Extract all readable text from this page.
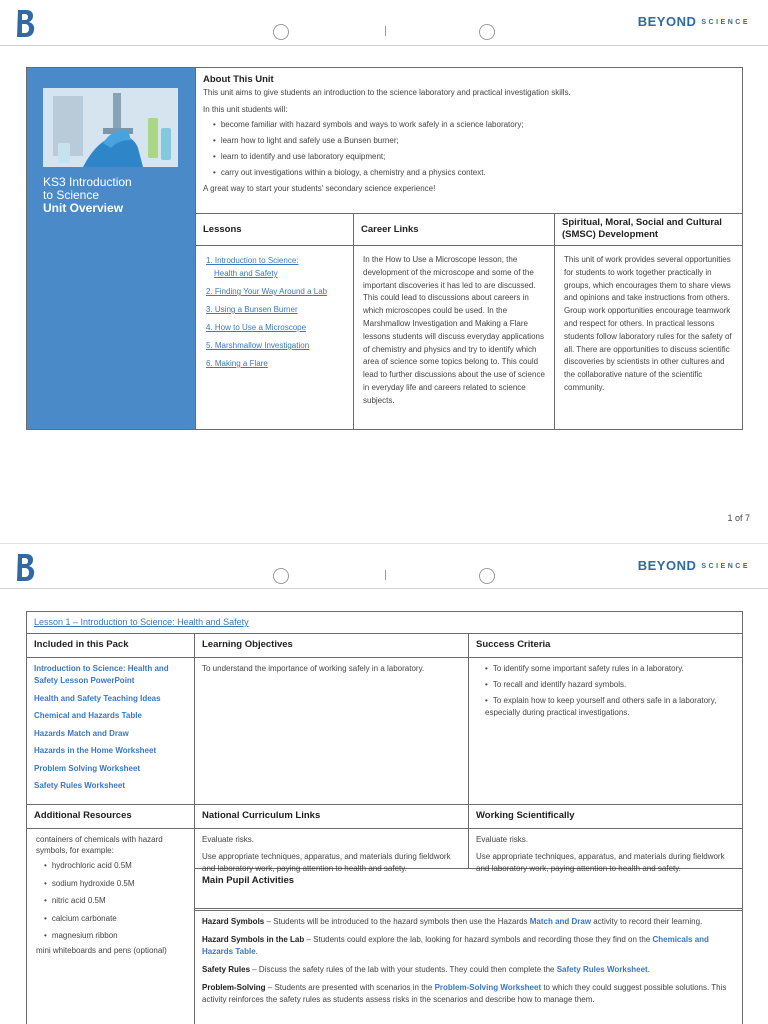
BEYOND SCIENCE
KS3 Introduction
to Science
Unit Overview
About This Unit

This unit aims to give students an introduction to the science laboratory and practical investigation skills.

In this unit students will:

• become familiar with hazard symbols and ways to work safely in a science laboratory;
• learn how to light and safely use a Bunsen burner;
• learn to identify and use laboratory equipment;
• carry out investigations within a biology, a chemistry and a physics context.

A great way to start your students' secondary science experience!

Lessons	Career Links
Spiritual, Moral, Social and Cultural (SMSC) Development
1. Introduction to Science:
Health and Safety
2. Finding Your Way Around a Lab
3. Using a Bunsen Burner
4. How to Use a Microscope
5. Marshmallow Investigation
6. Making a Flare
In the How to Use a Microscope lesson, the development of the microscope and some of the important discoveries it has led to are discussed. This could lead to discussions about careers in which microscopes could be used. In the Marshmallow Investigation and Making a Flare lessons students will discuss everyday applications of chemistry and physics and try to identify which area of science some topics belong to. This could lead to further discussions about the use of science in everyday life and careers related to science subjects.
This unit of work provides several opportunities for students to work together practically in groups, which encourages them to share views and opinions and take instructions from others. Group work opportunities encourage teamwork and respect for others. In practical lessons students follow laboratory rules for the safety of all. There are opportunities to discuss scientific discoveries by scientists in other cultures and the collaborative nature of the scientific community.
1 of 7
BEYOND SCIENCE
Lesson 1 – Introduction to Science: Health and Safety
Included in this Pack	Learning Objectives	Success Criteria
Introduction to Science: Health and Safety Lesson PowerPoint
Health and Safety Teaching Ideas
Chemical and Hazards Table
Hazards Match and Draw
Hazards in the Home Worksheet
Problem Solving Worksheet
Safety Rules Worksheet
To understand the importance of working safely in a laboratory.
•	To identify some important safety rules in a laboratory.
• To recall and identify hazard symbols.
• To explain how to keep yourself and others safe in a laboratory, especially during practical investigations.
Additional Resources	National Curriculum Links	Working Scientifically
containers of chemicals with hazard symbols, for example:
• hydrochloric acid 0.5M
• sodium hydroxide 0.5M
• nitric acid 0.5M
• calcium carbonate
• magnesium ribbon
mini whiteboards and pens (optional)
Evaluate risks.
Use appropriate techniques, apparatus, and materials during fieldwork and laboratory work, paying attention to health and safety.
Evaluate risks.
Use appropriate techniques, apparatus, and materials during fieldwork and laboratory work, paying attention to health and safety.
Main Pupil Activities

Hazard Symbols – Students will be introduced to the hazard symbols then use the Hazards Match and Draw activity to record their learning.

Hazard Symbols in the Lab – Students could explore the lab, looking for hazard symbols and recording those they find on the Chemicals and Hazards Table.

Safety Rules – Discuss the safety rules of the lab with your students. They could then complete the Safety Rules Worksheet.

Problem-Solving – Students are presented with scenarios in the Problem-Solving Worksheet to which they could suggest possible solutions. This activity reinforces the safety rules as students assess risks in the scenarios and describe how to manage them.
